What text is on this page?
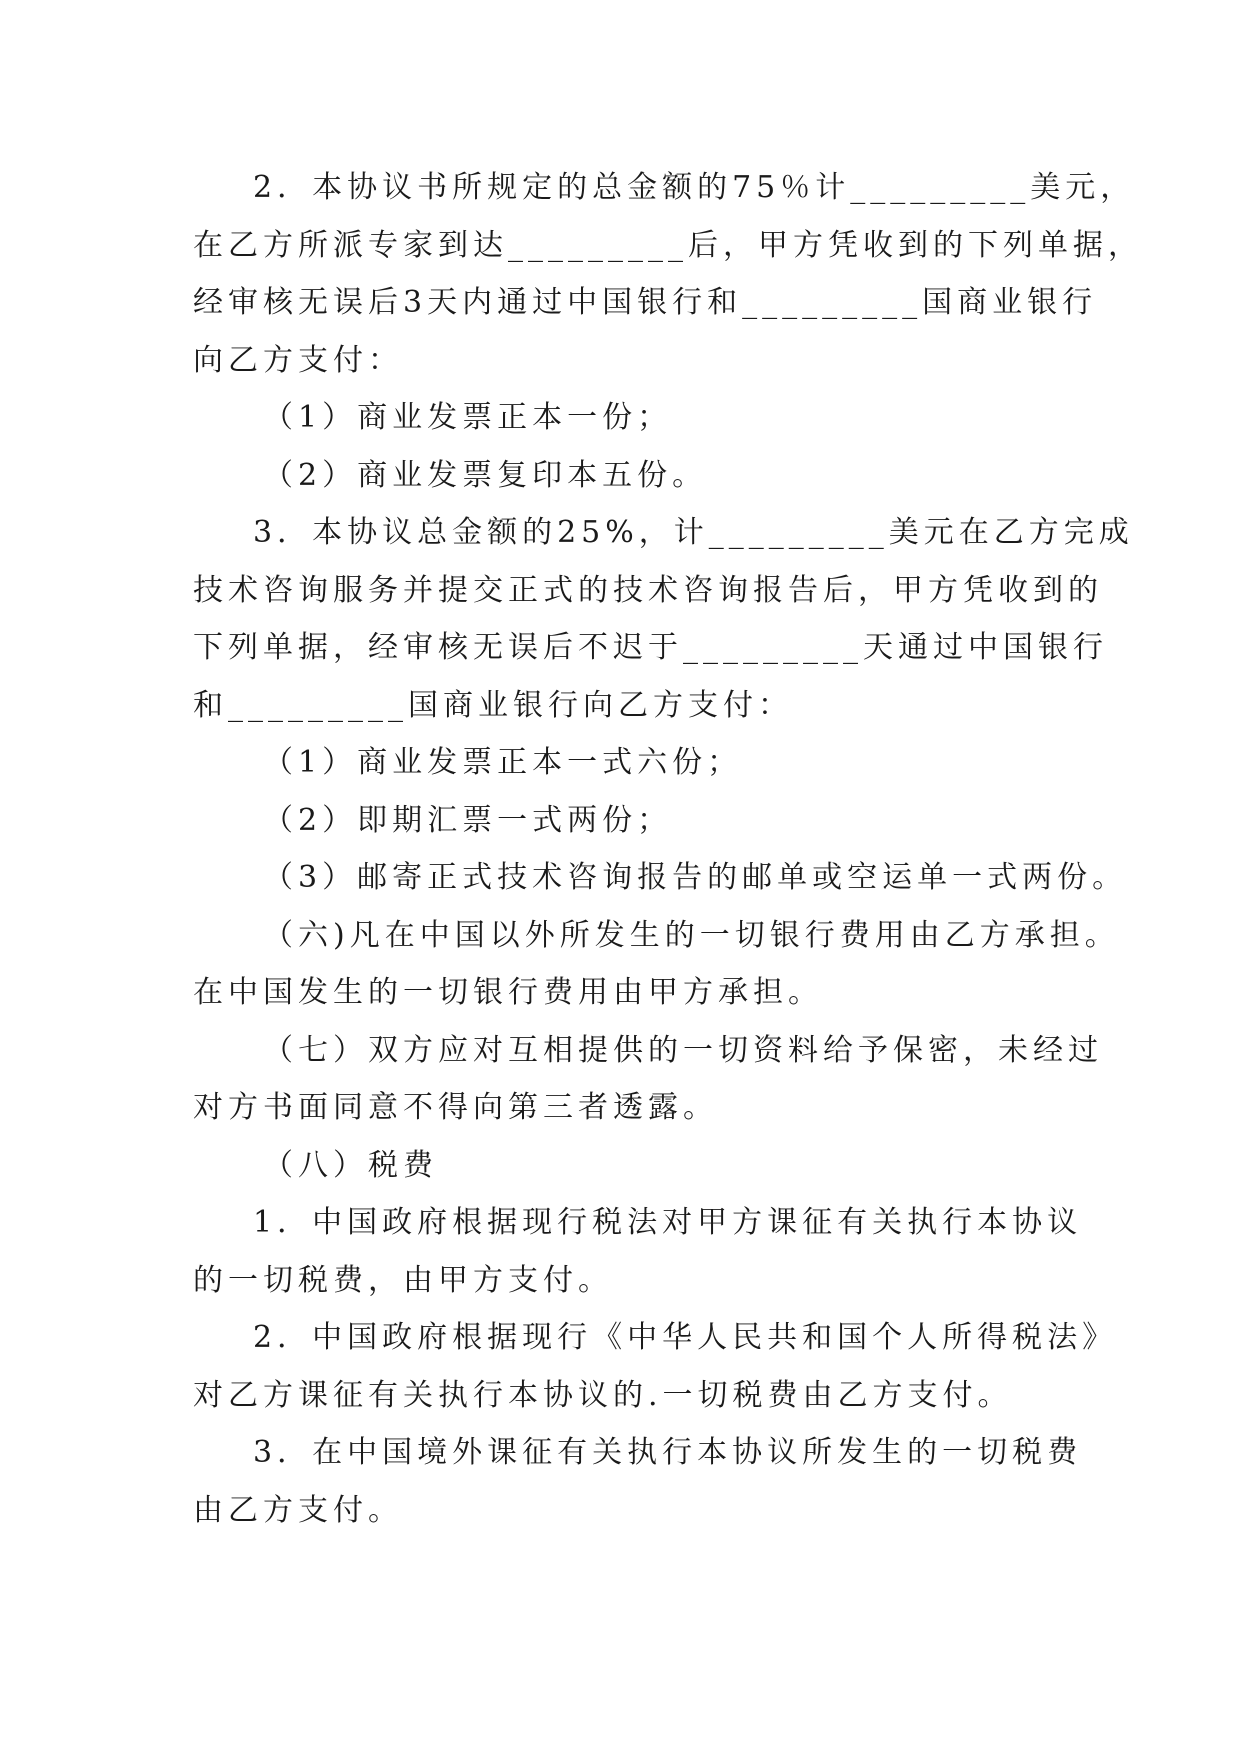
2．本协议书所规定的总金额的75％计_________美元，

在乙方所派专家到达_________后，甲方凭收到的下列单据，

经审核无误后3天内通过中国银行和_________国商业银行

向乙方支付：

（1）商业发票正本一份；

（2）商业发票复印本五份。

3．本协议总金额的25%，计_________美元在乙方完成

技术咨询服务并提交正式的技术咨询报告后，甲方凭收到的

下列单据，经审核无误后不迟于_________天通过中国银行

和_________国商业银行向乙方支付：

（1）商业发票正本一式六份；

（2）即期汇票一式两份；

（3）邮寄正式技术咨询报告的邮单或空运单一式两份。

（六)凡在中国以外所发生的一切银行费用由乙方承担。

在中国发生的一切银行费用由甲方承担。

（七）双方应对互相提供的一切资料给予保密，未经过

对方书面同意不得向第三者透露。

（八）税费

1．中国政府根据现行税法对甲方课征有关执行本协议

的一切税费，由甲方支付。

2．中国政府根据现行《中华人民共和国个人所得税法》

对乙方课征有关执行本协议的.一切税费由乙方支付。

3．在中国境外课征有关执行本协议所发生的一切税费

由乙方支付。
